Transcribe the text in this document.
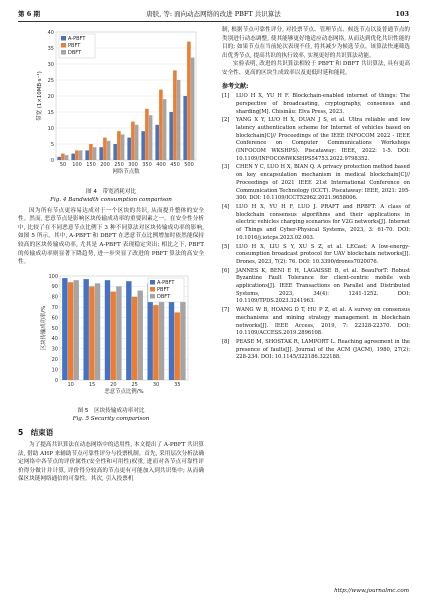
第 6 期	唐朕, 等: 面向动态网络的改进 PBFT 共识算法	103
0
5
10
15
20
25
30
35
40
50 100 150 200 250 300 350 400 450 500
网络节点数
带宽 (1×10MB·s⁻¹)
A-PBFT
PBFT
DBFT
图 4　带宽消耗对比
Fig. 4 Bandwidth consumption comparison

因为所有节点更容易达成对于一个区块的共识, 从而提升整体的安全性。然而, 恶意节点是影响区块传输成功率的重要因素之一。在安全性分析中, 比较了在不同恶意节点比例下 3 种不同算法对区块传输成功率的影响, 如图 5 所示。其中, A-PBFT 和 DBFT 在恶意节点比例增加时依然能保持较高的区块传输成功率, 尤其是 A-PBFT 表现稳定突出; 相比之下, PBFT 的传输成功率则显著下降趋势, 进一步突显了改进的 PBFT 算法的高安全性。

0
10
20
30
40
50
60
70
80
90
100
10	15	20	25	30	35
恶意节点比例/%
区块传输成功率/%
A-PBFT
PBFT
DBFT
图 5　区块传输成功率对比
Fig. 5 Security comparison
5　结束语

为了提高共识算法在动态网络中的适用性, 本文提出了 A-PBFT 共识算法, 借助 AHP 来辅助节点可靠性评分与投票机制。首先, 采用层次分析法确定网络中各节点的评价属性(安全性和可用性)权重, 进而对各节点可靠性评价得分做计并计算, 评价得分较高的节点更有可能加入到共识集中; 从而确保区块链网络通信的可靠性。其次, 引入投票机

制, 根据节点可靠性评分, 对投票节点、管理节点、候选节点以及普通节点的类别进行动态调整, 使其能够更好地适应动态网络, 从而达到优化共识性能的目的; 如果节点在当前轮次表现不佳, 将其减少为候选节点。该算法快速筛选出优秀节点, 提高共识的执行效率, 实现更好的共识算法功能。

实验表明, 改进的共识算法相较于 PBFT 和 DBFT 共识算法, 具有更高安全性、更高的区块生成效率以及更低时延和能耗。

参考文献:
[1]	LUO H X, YU H F. Blockchain-enabled internet of things: The perspective of broadcasting, cryptography, consensus and sharding[M]. Chisinău: Elva Press, 2023.
[2]	YANG X Y, LUO H X, DUAN J S, et al. Ultra reliable and low latency authentication scheme for Internet of vehicles based on blockchain[C]// Proceedings of the IEEE INFOCOM 2022 - IEEE Conference on Computer Communications Workshops (INFOCOM WKSHPS). Piscataway: IEEE, 2022: 1-5. DOI: 10.1109/INFOCOMWKSHPS54753.2022.9798352.
[3]	CHEN Y C, LUO H X, BIAN Q. A privacy protection method based on key encapsulation mechanism in medical blockchain[C]// Proceedings of 2021 IEEE 21st International Conference on Communication Technology (ICCT). Piscataway: IEEE, 2021: 295-300. DOI: 10.1109/ICCT52962.2021.9658006.
[4]	LUO H X, YU H F, LUO J. PRAFT and RPBFT: A class of blockchain consensus algorithms and their applications in electric vehicles charging scenarios for V2G networks[J]. Internet of Things and Cyber-Physical Systems, 2023, 3: 61-70. DOI: 10.1016/j.iotcps.2023.02.003.
[5]	LUO H X, LIU S Y, XU S Z, et al. LECast: A low-energy-consumption broadcast protocol for UAV blockchain networks[J]. Drones, 2023, 7(2): 76. DOI: 10.3390/drones7020076.
[6]	JANNES K, BENI E H, LAGAISSE B, et al. BeauForT: Robust Byzantine Fault Tolerance for client-centric mobile web applications[J]. IEEE Transactions on Parallel and Distributed Systems, 2023, 34(4): 1241-1252. DOI: 10.1109/TPDS.2023.3241963.
[7]	WANG W B, HOANG D T, HU P Z, et al. A survey on consensus mechanisms and mining strategy management in blockchain networks[J]. IEEE Access, 2019, 7: 22328-22370. DOI: 10.1109/ACCESS.2019.2896108.
[8]	PEASE M, SHOSTAK R, LAMPORT L. Reaching agreement in the presence of faults[J]. Journal of the ACM (JACM), 1980, 27(2): 228-234. DOI: 10.1145/322186.322188.
http://www.journalmc.com
